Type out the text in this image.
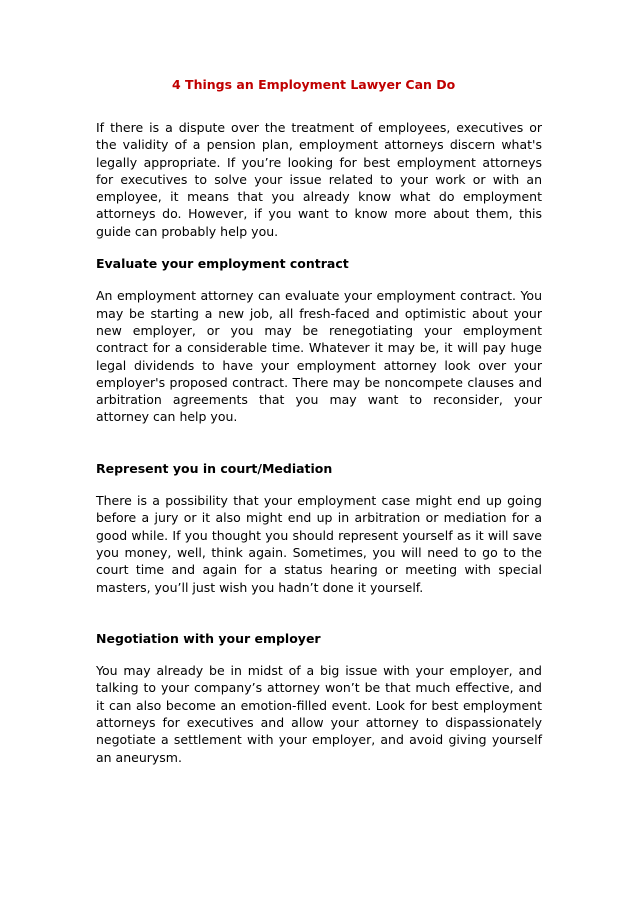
4 Things an Employment Lawyer Can Do

If there is a dispute over the treatment of employees, executives or the validity of a pension plan, employment attorneys discern what's legally appropriate. If you’re looking for best employment attorneys for executives to solve your issue related to your work or with an employee, it means that you already know what do employment attorneys do. However, if you want to know more about them, this guide can probably help you.

Evaluate your employment contract

An employment attorney can evaluate your employment contract. You may be starting a new job, all fresh-faced and optimistic about your new employer, or you may be renegotiating your employment contract for a considerable time. Whatever it may be, it will pay huge legal dividends to have your employment attorney look over your employer's proposed contract. There may be noncompete clauses and arbitration agreements that you may want to reconsider, your attorney can help you.

Represent you in court/Mediation

There is a possibility that your employment case might end up going before a jury or it also might end up in arbitration or mediation for a good while. If you thought you should represent yourself as it will save you money, well, think again. Sometimes, you will need to go to the court time and again for a status hearing or meeting with special masters, you’ll just wish you hadn’t done it yourself.

Negotiation with your employer

You may already be in midst of a big issue with your employer, and talking to your company’s attorney won’t be that much effective, and it can also become an emotion-filled event. Look for best employment attorneys for executives and allow your attorney to dispassionately negotiate a settlement with your employer, and avoid giving yourself an aneurysm.
